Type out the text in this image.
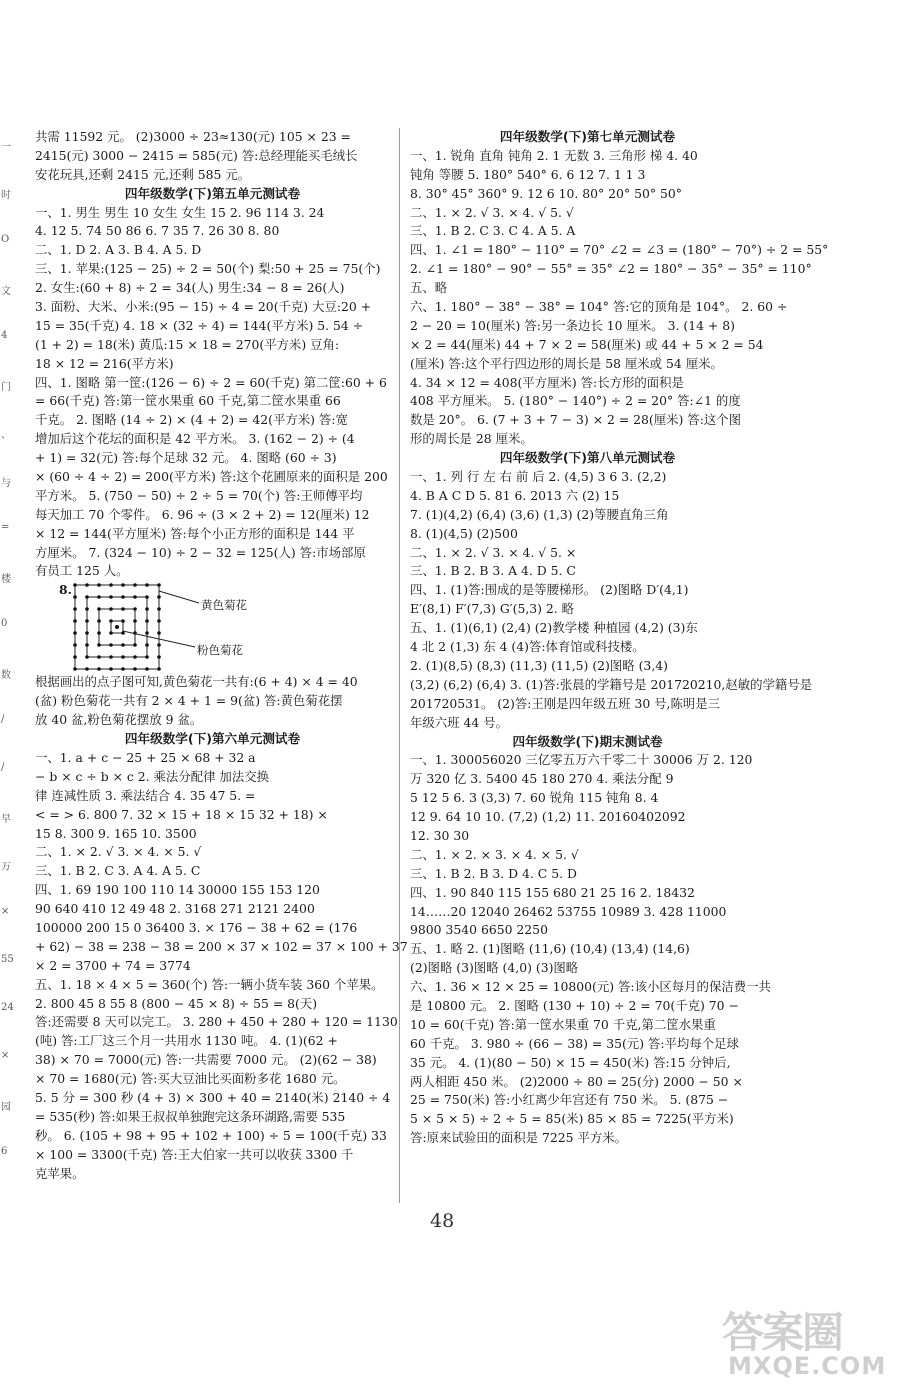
一
时
O
文
4
门
、
与
=
楼
0
数
/
/
早
万
×
55
24
×
园
6
共需 11592 元。 (2)3000 ÷ 23≈130(元) 105 × 23 =
2415(元) 3000 − 2415 = 585(元) 答:总经理能买毛绒长
安花玩具,还剩 2415 元,还剩 585 元。
四年级数学(下)第五单元测试卷
一、1. 男生 男生 10 女生 女生 15 2. 96 114 3. 24
4. 12 5. 74 50 86 6. 7 35 7. 26 30 8. 80
二、1. D 2. A 3. B 4. A 5. D
三、1. 苹果:(125 − 25) ÷ 2 = 50(个) 梨:50 + 25 = 75(个)
2. 女生:(60 + 8) ÷ 2 = 34(人) 男生:34 − 8 = 26(人)
3. 面粉、大米、小米:(95 − 15) ÷ 4 = 20(千克) 大豆:20 +
15 = 35(千克) 4. 18 × (32 ÷ 4) = 144(平方米) 5. 54 ÷
(1 + 2) = 18(米) 黄瓜:15 × 18 = 270(平方米) 豆角:
18 × 12 = 216(平方米)
四、1. 图略 第一筐:(126 − 6) ÷ 2 = 60(千克) 第二筐:60 + 6
= 66(千克) 答:第一筐水果重 60 千克,第二筐水果重 66
千克。 2. 图略 (14 ÷ 2) × (4 + 2) = 42(平方米) 答:宽
增加后这个花坛的面积是 42 平方米。 3. (162 − 2) ÷ (4
+ 1) = 32(元) 答:每个足球 32 元。 4. 图略 (60 ÷ 3)
× (60 ÷ 4 ÷ 2) = 200(平方米) 答:这个花圃原来的面积是 200
平方米。 5. (750 − 50) ÷ 2 ÷ 5 = 70(个) 答:王师傅平均
每天加工 70 个零件。 6. 96 ÷ (3 × 2 + 2) = 12(厘米) 12
× 12 = 144(平方厘米) 答:每个小正方形的面积是 144 平
方厘米。 7. (324 − 10) ÷ 2 − 32 = 125(人) 答:市场部原
有员工 125 人。
8.
黄色菊花
粉色菊花
根据画出的点子图可知,黄色菊花一共有:(6 + 4) × 4 = 40
(盆) 粉色菊花一共有 2 × 4 + 1 = 9(盆) 答:黄色菊花摆
放 40 盆,粉色菊花摆放 9 盆。
四年级数学(下)第六单元测试卷
一、1. a + c − 25 + 25 × 68 + 32 a
− b × c ÷ b × c 2. 乘法分配律 加法交换
律 连减性质 3. 乘法结合 4. 35 47 5. =
< = > 6. 800 7. 32 × 15 + 18 × 15 32 + 18) ×
15 8. 300 9. 165 10. 3500
二、1. × 2. √ 3. × 4. × 5. √
三、1. B 2. C 3. A 4. A 5. C
四、1. 69 190 100 110 14 30000 155 153 120
90 640 410 12 49 48 2. 3168 271 2121 2400
100000 200 15 0 36400 3. × 176 − 38 + 62 = (176
+ 62) − 38 = 238 − 38 = 200 × 37 × 102 = 37 × 100 + 37
× 2 = 3700 + 74 = 3774
五、1. 18 × 4 × 5 = 360(个) 答:一辆小货车装 360 个苹果。
2. 800 45 8 55 8 (800 − 45 × 8) ÷ 55 = 8(天)
答:还需要 8 天可以完工。 3. 280 + 450 + 280 + 120 = 1130
(吨) 答:工厂这三个月一共用水 1130 吨。 4. (1)(62 +
38) × 70 = 7000(元) 答:一共需要 7000 元。 (2)(62 − 38)
× 70 = 1680(元) 答:买大豆油比买面粉多花 1680 元。
5. 5 分 = 300 秒 (4 + 3) × 300 + 40 = 2140(米) 2140 ÷ 4
= 535(秒) 答:如果王叔叔单独跑完这条环湖路,需要 535
秒。 6. (105 + 98 + 95 + 102 + 100) ÷ 5 = 100(千克) 33
× 100 = 3300(千克) 答:王大伯家一共可以收获 3300 千
克苹果。
四年级数学(下)第七单元测试卷
一、1. 锐角 直角 钝角 2. 1 无数 3. 三角形 梯 4. 40
钝角 等腰 5. 180° 540° 6. 6 12 7. 1 1 3
8. 30° 45° 360° 9. 12 6 10. 80° 20° 50° 50°
二、1. × 2. √ 3. × 4. √ 5. √
三、1. B 2. C 3. C 4. A 5. A
四、1. ∠1 = 180° − 110° = 70° ∠2 = ∠3 = (180° − 70°) ÷ 2 = 55°
2. ∠1 = 180° − 90° − 55° = 35° ∠2 = 180° − 35° − 35° = 110°
五、略
六、1. 180° − 38° − 38° = 104° 答:它的顶角是 104°。 2. 60 ÷
2 − 20 = 10(厘米) 答:另一条边长 10 厘米。 3. (14 + 8)
× 2 = 44(厘米) 44 + 7 × 2 = 58(厘米) 或 44 + 5 × 2 = 54
(厘米) 答:这个平行四边形的周长是 58 厘米或 54 厘米。
4. 34 × 12 = 408(平方厘米) 答:长方形的面积是
408 平方厘米。 5. (180° − 140°) ÷ 2 = 20° 答:∠1 的度
数是 20°。 6. (7 + 3 + 7 − 3) × 2 = 28(厘米) 答:这个图
形的周长是 28 厘米。
四年级数学(下)第八单元测试卷
一、1. 列 行 左 右 前 后 2. (4,5) 3 6 3. (2,2)
4. B A C D 5. 81 6. 2013 六 (2) 15
7. (1)(4,2) (6,4) (3,6) (1,3) (2)等腰直角三角
8. (1)(4,5) (2)500
二、1. × 2. √ 3. × 4. √ 5. ×
三、1. B 2. B 3. A 4. D 5. C
四、1. (1)答:围成的是等腰梯形。 (2)图略 D′(4,1)
E′(8,1) F′(7,3) G′(5,3) 2. 略
五、1. (1)(6,1) (2,4) (2)教学楼 种植园 (4,2) (3)东
4 北 2 (1,3) 东 4 (4)答:体育馆或科技楼。
2. (1)(8,5) (8,3) (11,3) (11,5) (2)图略 (3,4)
(3,2) (6,2) (6,4) 3. (1)答:张晨的学籍号是 201720210,赵敏的学籍号是
201720531。 (2)答:王刚是四年级五班 30 号,陈明是三
年级六班 44 号。
四年级数学(下)期末测试卷
一、1. 300056020 三亿零五万六千零二十 30006 万 2. 120
万 320 亿 3. 5400 45 180 270 4. 乘法分配 9
5 12 5 6. 3 (3,3) 7. 60 锐角 115 钝角 8. 4
12 9. 64 10 10. (7,2) (1,2) 11. 20160402092
12. 30 30
二、1. × 2. × 3. × 4. × 5. √
三、1. B 2. B 3. D 4. C 5. D
四、1. 90 840 115 155 680 21 25 16 2. 18432
14……20 12040 26462 53755 10989 3. 428 11000
9800 3540 6650 2250
五、1. 略 2. (1)图略 (11,6) (10,4) (13,4) (14,6)
(2)图略 (3)图略 (4,0) (3)图略
六、1. 36 × 12 × 25 = 10800(元) 答:该小区每月的保洁费一共
是 10800 元。 2. 图略 (130 + 10) ÷ 2 = 70(千克) 70 −
10 = 60(千克) 答:第一筐水果重 70 千克,第二筐水果重
60 千克。 3. 980 ÷ (66 − 38) = 35(元) 答:平均每个足球
35 元。 4. (1)(80 − 50) × 15 = 450(米) 答:15 分钟后,
两人相距 450 米。 (2)2000 ÷ 80 = 25(分) 2000 − 50 ×
25 = 750(米) 答:小红离少年宫还有 750 米。 5. (875 −
5 × 5 × 5) ÷ 2 ÷ 5 = 85(米) 85 × 85 = 7225(平方米)
答:原来试验田的面积是 7225 平方米。
48
答案圈
MXQE.COM
